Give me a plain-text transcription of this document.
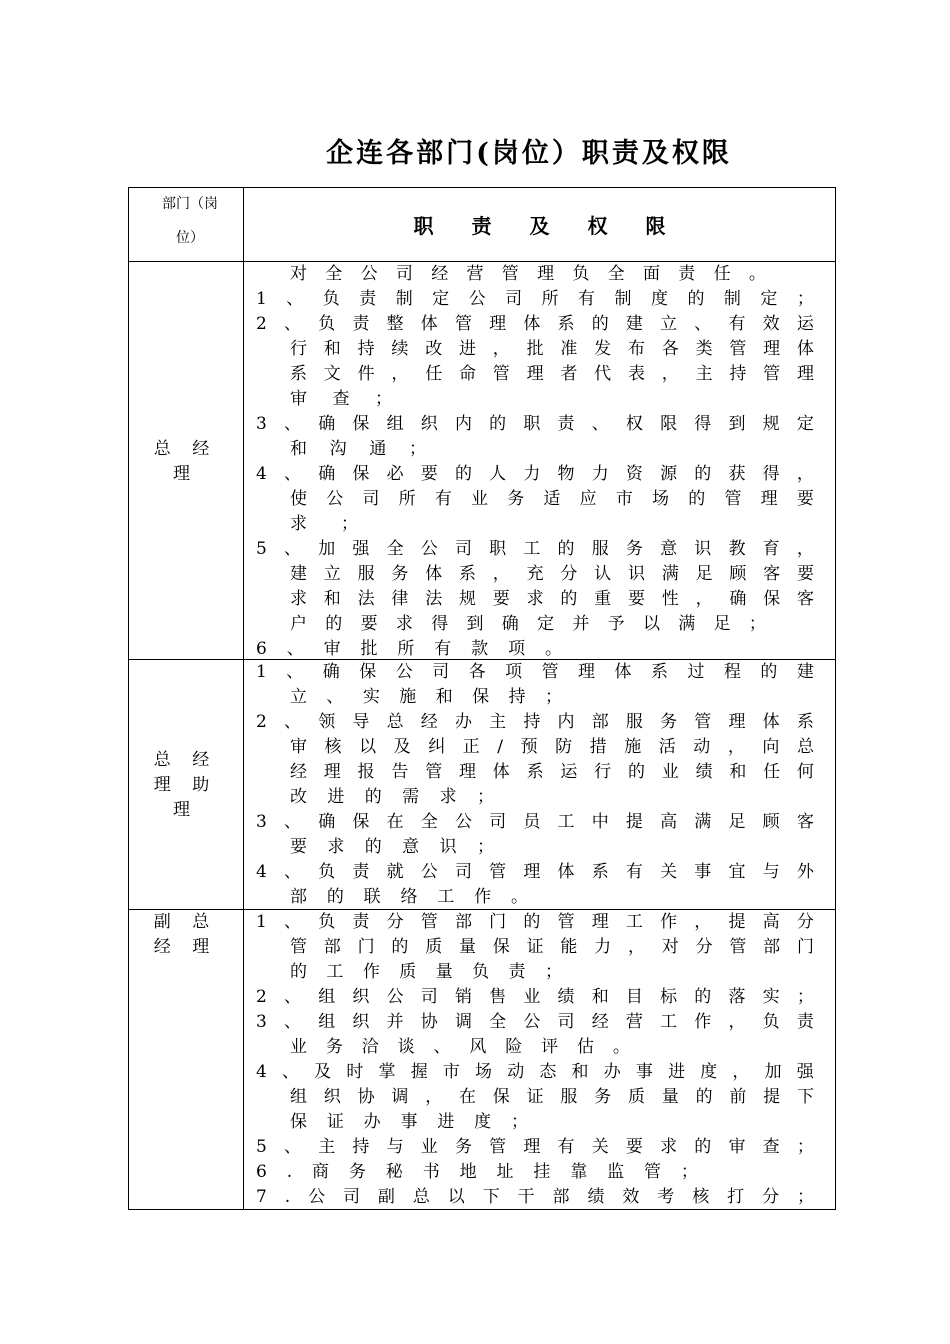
企连各部门(岗位）职责及权限
部门（岗
位）
职责及权限
总 经
理
对 全 公 司 经 营 管 理 负 全 面 责 任 。
1 、 负 责 制 定 公 司 所 有 制 度 的 制 定 ；
2 、 负 责 整 体 管 理 体 系 的 建 立 、 有 效 运
行 和 持 续 改 进 ， 批 准 发 布 各 类 管 理 体
系 文 件 ， 任 命 管 理 者 代 表 ， 主 持 管 理
审 查 ；
3 、 确 保 组 织 内 的 职 责 、 权 限 得 到 规 定
和 沟 通 ；
4 、 确 保 必 要 的 人 力 物 力 资 源 的 获 得 ，
使 公 司 所 有 业 务 适 应 市 场 的 管 理 要
求 ；
5 、 加 强 全 公 司 职 工 的 服 务 意 识 教 育 ，
建 立 服 务 体 系 ， 充 分 认 识 满 足 顾 客 要
求 和 法 律 法 规 要 求 的 重 要 性 ， 确 保 客
户 的 要 求 得 到 确 定 并 予 以 满 足 ；
6 、 审 批 所 有 款 项 。
总 经
理 助
理
1 、 确 保 公 司 各 项 管 理 体 系 过 程 的 建
立 、 实 施 和 保 持 ；
2 、 领 导 总 经 办 主 持 内 部 服 务 管 理 体 系
审 核 以 及 纠 正 / 预 防 措 施 活 动 ， 向 总
经 理 报 告 管 理 体 系 运 行 的 业 绩 和 任 何
改 进 的 需 求 ；
3 、 确 保 在 全 公 司 员 工 中 提 高 满 足 顾 客
要 求 的 意 识 ；
4 、 负 责 就 公 司 管 理 体 系 有 关 事 宜 与 外
部 的 联 络 工 作 。
副 总
经 理
1 、 负 责 分 管 部 门 的 管 理 工 作 ， 提 高 分
管 部 门 的 质 量 保 证 能 力 ， 对 分 管 部 门
的 工 作 质 量 负 责 ；
2 、 组 织 公 司 销 售 业 绩 和 目 标 的 落 实 ；
3 、 组 织 并 协 调 全 公 司 经 营 工 作 ， 负 责
业 务 洽 谈 、 风 险 评 估 。
4 、 及 时 掌 握 市 场 动 态 和 办 事 进 度 ， 加 强
组 织 协 调 ， 在 保 证 服 务 质 量 的 前 提 下
保 证 办 事 进 度 ；
5 、 主 持 与 业 务 管 理 有 关 要 求 的 审 查 ；
6 . 商 务 秘 书 地 址 挂 靠 监 管 ；
7 . 公 司 副 总 以 下 干 部 绩 效 考 核 打 分 ；
